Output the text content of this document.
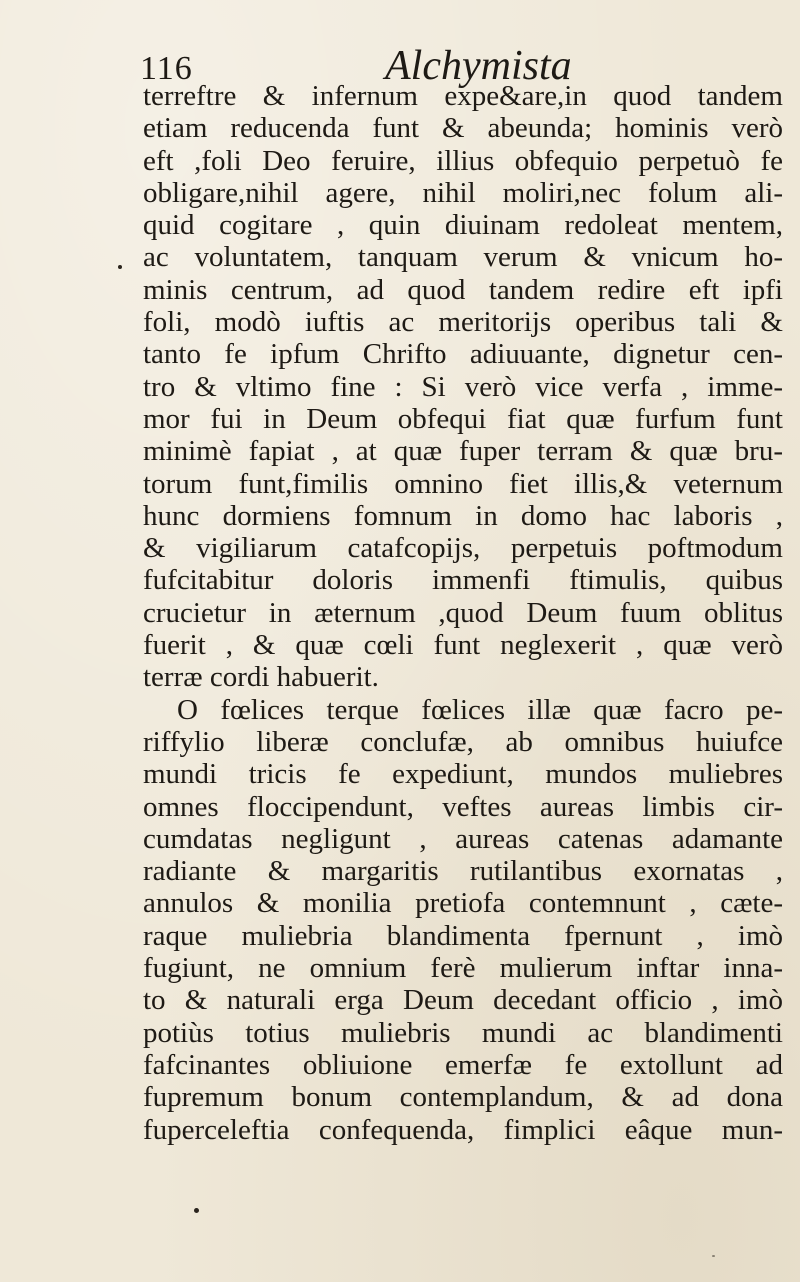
116	Alchymista
terreftre & infernum expe&are,in quod tandem
etiam reducenda funt & abeunda; hominis verò
eft ,foli Deo feruire, illius obfequio perpetuò fe
obligare,nihil agere, nihil moliri,nec folum ali-
quid cogitare , quin diuinam redoleat mentem,
ac voluntatem, tanquam verum & vnicum ho-
minis centrum, ad quod tandem redire eft ipfi
foli, modò iuftis ac meritorijs operibus tali &
tanto fe ipfum Chrifto adiuuante, dignetur cen-
tro & vltimo fine : Si verò vice verfa , imme-
mor fui in Deum obfequi fiat quæ furfum funt
minimè fapiat , at quæ fuper terram & quæ bru-
torum funt,fimilis omnino fiet illis,& veternum
hunc dormiens fomnum in domo hac laboris ,
& vigiliarum catafcopijs, perpetuis poftmodum
fufcitabitur doloris immenfi ftimulis, quibus
crucietur in æternum ,quod Deum fuum oblitus
fuerit , & quæ cœli funt neglexerit , quæ verò
terræ cordi habuerit.
O fœlices terque fœlices illæ quæ facro pe-
riffylio liberæ conclufæ, ab omnibus huiufce
mundi tricis fe expediunt, mundos muliebres
omnes floccipendunt, veftes aureas limbis cir-
cumdatas negligunt , aureas catenas adamante
radiante & margaritis rutilantibus exornatas ,
annulos & monilia pretiofa contemnunt , cæte-
raque muliebria blandimenta fpernunt , imò
fugiunt, ne omnium ferè mulierum inftar inna-
to & naturali erga Deum decedant officio , imò
potiùs totius muliebris mundi ac blandimenti
fafcinantes obliuione emerfæ fe extollunt ad
fupremum bonum contemplandum, & ad dona
fuperceleftia confequenda, fimplici eâque mun-
